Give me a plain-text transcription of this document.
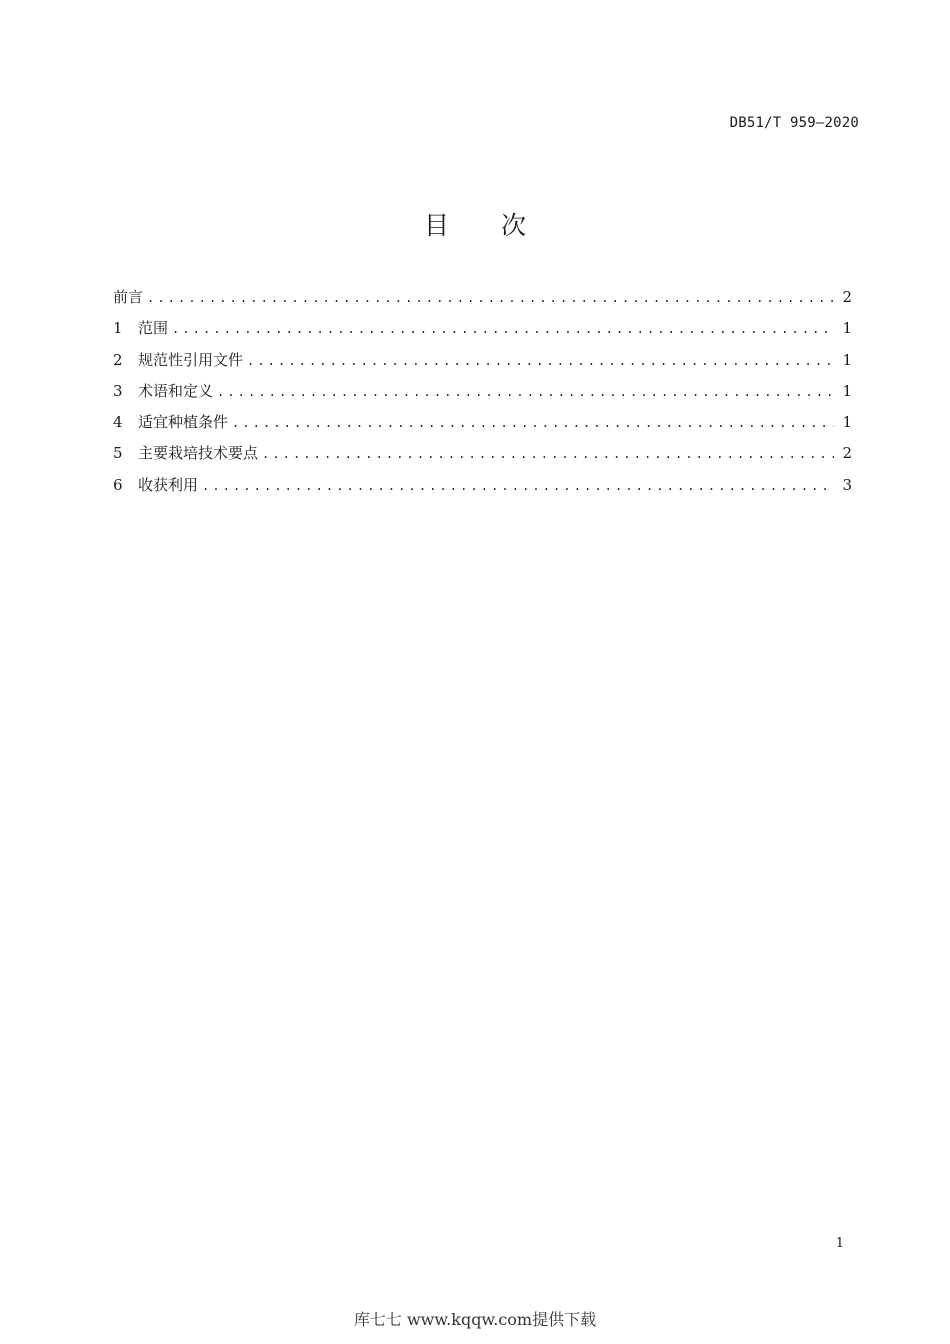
DB51/T 959—2020
目 次
前言 .....	2
1	范围 .....	1
2	规范性引用文件 .....	1
3	术语和定义 .....	1
4	适宜种植条件 .....	1
5	主要栽培技术要点 .....	2
6	收获利用 .....	3
1
库七七 www.kqqw.com提供下载
